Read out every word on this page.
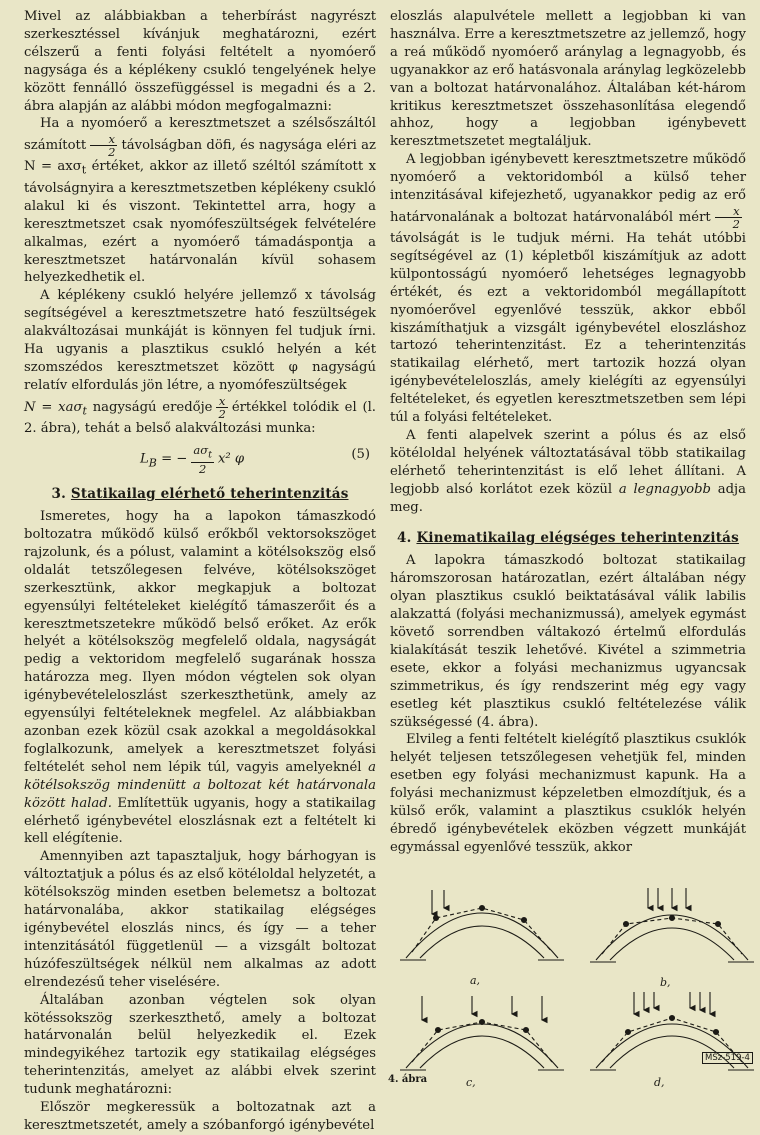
Mivel az alábbiakban a teherbírást nagyrészt szerkesztéssel kívánjuk meghatározni, ezért célszerű a fenti folyási feltételt a nyomóerő nagysága és a képlékeny csukló tengelyének helye között fennálló összefüggéssel is megadni és a 2. ábra alapján az alábbi módon megfogalmazni:

Ha a nyomóerő a keresztmetszet a szélsőszáltól számított $\frac{x}{2}$ távolságban döfi, és nagysága eléri az N = axσ$_t$ értéket, akkor az illető széltól számított x távolságnyira a keresztmetszetben képlékeny csukló alakul ki és viszont. Tekintettel arra, hogy a keresztmetszet csak nyomófeszültségek felvételére alkalmas, ezért a nyomóerő támadáspontja a keresztmetszet határvonalán kívül sohasem helyezkedhetik el.

A képlékeny csukló helyére jellemző x távolság segítségével a keresztmetszetre ható feszültségek alakváltozásai munkáját is könnyen fel tudjuk írni. Ha ugyanis a plasztikus csukló helyén a két szomszédos keresztmetszet között φ nagyságú relatív elfordulás jön létre, a nyomófeszültségek
N = xaσ$_t$ nagyságú eredője $\frac{x}{2}$ értékkel tolódik el (l. 2. ábra), tehát a belső alakváltozási munka:

$L_B$ = − $\frac{a\sigma_t}{2} x^2$ φ	(5)
3. Statikailag elérhető teherintenzitás

Ismeretes, hogy ha a lapokon támaszkodó boltozatra működő külső erőkből vektorsokszöget rajzolunk, és a pólust, valamint a kötélsokszög első oldalát tetszőlegesen felvéve, kötélsokszöget szerkesztünk, akkor megkapjuk a boltozat egyensúlyi feltételeket kielégítő támaszerőit és a keresztmetszetekre működő belső erőket. Az erők helyét a kötélsokszög megfelelő oldala, nagyságát pedig a vektoridom megfelelő sugarának hossza határozza meg. Ilyen módon végtelen sok olyan igénybevételeloszlást szerkeszthetünk, amely az egyensúlyi feltételeknek megfelel. Az alábbiakban azonban ezek közül csak azokkal a megoldásokkal foglalkozunk, amelyek a keresztmetszet folyási feltételét sehol nem lépik túl, vagyis amelyeknél a kötélsokszög mindenütt a boltozat két határvonala között halad. Említettük ugyanis, hogy a statikailag elérhető igénybevétel eloszlásnak ezt a feltételt ki kell elégítenie.

Amennyiben azt tapasztaljuk, hogy bárhogyan is változtatjuk a pólus és az első kötéloldal helyzetét, a kötélsokszög minden esetben belemetsz a boltozat határvonalába, akkor statikailag elégséges igénybevétel eloszlás nincs, és így — a teher intenzitásától függetlenül — a vizsgált boltozat húzófeszültségek nélkül nem alkalmas az adott elrendezésű teher viselésére.

Általában azonban végtelen sok olyan kötéssokszög szerkeszthető, amely a boltozat határvonalán belül helyezkedik el. Ezek mindegyikéhez tartozik egy statikailag elégséges teherintenzitás, amelyet az alábbi elvek szerint tudunk meghatározni:

Először megkeressük a boltozatnak azt a keresztmetszetét, amely a szóbanforgó igénybevétel

eloszlás alapulvétele mellett a legjobban ki van használva. Erre a keresztmetszetre az jellemző, hogy a reá működő nyomóerő aránylag a legnagyobb, és ugyanakkor az erő hatásvonala aránylag legközelebb van a boltozat határvonalához. Általában két-három kritikus keresztmetszet összehasonlítása elegendő ahhoz, hogy a legjobban igénybevett keresztmetszetet megtaláljuk.

A legjobban igénybevett keresztmetszetre működő nyomóerő a vektoridomból a külső teher intenzitásával kifejezhető, ugyanakkor pedig az erő határvonalának a boltozat határvonalából mért $\frac{x}{2}$
távolságát is le tudjuk mérni. Ha tehát utóbbi segítségével az (1) képletből kiszámítjuk az adott külpontosságú nyomóerő lehetséges legnagyobb értékét, és ezt a vektoridomból megállapított nyomóerővel egyenlővé tesszük, akkor ebből kiszámíthatjuk a vizsgált igénybevétel eloszláshoz tartozó teherintenzitást. Ez a teherintenzitás statikailag elérhető, mert tartozik hozzá olyan igénybevételeloszlás, amely kielégíti az egyensúlyi feltételeket, és egyetlen keresztmetszetben sem lépi túl a folyási feltételeket.

A fenti alapelvek szerint a pólus és az első kötéloldal helyének változtatásával több statikailag elérhető teherintenzitást is elő lehet állítani. A legjobb alsó korlátot ezek közül a legnagyobb adja meg.

4. Kinematikailag elégséges teherintenzitás

A lapokra támaszkodó boltozat statikailag háromszorosan határozatlan, ezért általában négy olyan plasztikus csukló beiktatásával válik labilis alakzattá (folyási mechanizmussá), amelyek egymást követő sorrendben váltakozó értelmű elfordulás kialakítását teszik lehetővé. Kivétel a szimmetria esete, ekkor a folyási mechanizmus ugyancsak szimmetrikus, és így rendszerint még egy vagy esetleg két plasztikus csukló feltételezése válik szükségessé (4. ábra).

Elvileg a fenti feltételt kielégítő plasztikus csuklók helyét teljesen tetszőlegesen vehetjük fel, minden esetben egy folyási mechanizmust kapunk. Ha a folyási mechanizmust képzeletben elmozdítjuk, és a külső erők, valamint a plasztikus csuklók helyén ébredő igénybevételek eközben végzett munkáját egymással egyenlővé tesszük, akkor

a,	b,
c,	d,
4. ábra
MSz-519-4
